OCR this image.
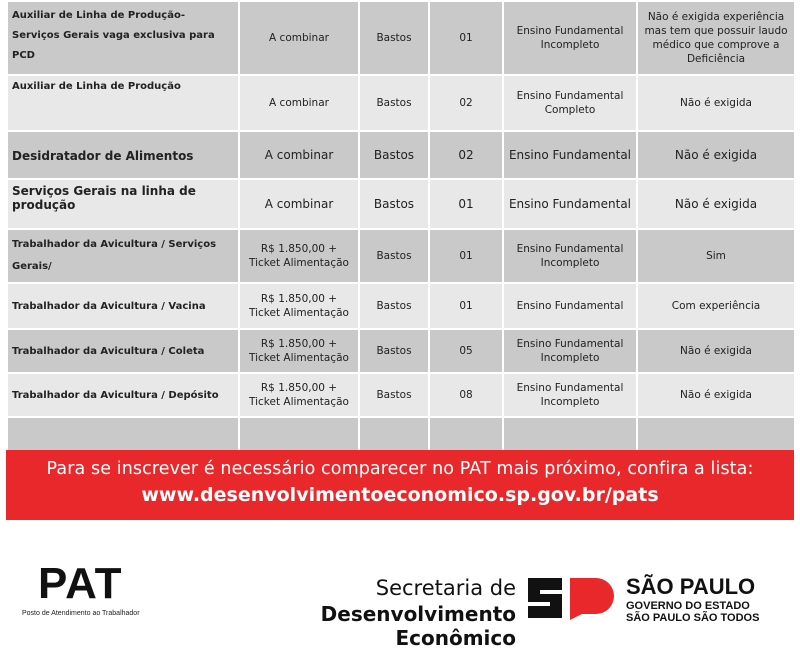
Auxiliar de Linha de Produção- Serviços Gerais vaga exclusiva para PCD	A combinar	Bastos	01	Ensino Fundamental Incompleto	Não é exigida experiência mas tem que possuir laudo médico que comprove a Deficiência
Auxiliar de Linha de Produção	A combinar	Bastos	02	Ensino Fundamental Completo	Não é exigida
Desidratador de Alimentos	A combinar	Bastos	02	Ensino Fundamental	Não é exigida
Serviços Gerais na linha de produção	A combinar	Bastos	01	Ensino Fundamental	Não é exigida
Trabalhador da Avicultura / Serviços Gerais/	R$ 1.850,00 + Ticket Alimentação	Bastos	01	Ensino Fundamental Incompleto	Sim
Trabalhador da Avicultura / Vacina	R$ 1.850,00 + Ticket Alimentação	Bastos	01	Ensino Fundamental	Com experiência
Trabalhador da Avicultura / Coleta	R$ 1.850,00 + Ticket Alimentação	Bastos	05	Ensino Fundamental Incompleto	Não é exigida
Trabalhador da Avicultura / Depósito	R$ 1.850,00 + Ticket Alimentação	Bastos	08	Ensino Fundamental Incompleto	Não é exigida

Para se inscrever é necessário comparecer no PAT mais próximo, confira a lista:
www.desenvolvimentoeconomico.sp.gov.br/pats
PAT
Posto de Atendimento ao Trabalhador
Secretaria de
Desenvolvimento Econômico
SÃO PAULO
GOVERNO DO ESTADO
SÃO PAULO SÃO TODOS
